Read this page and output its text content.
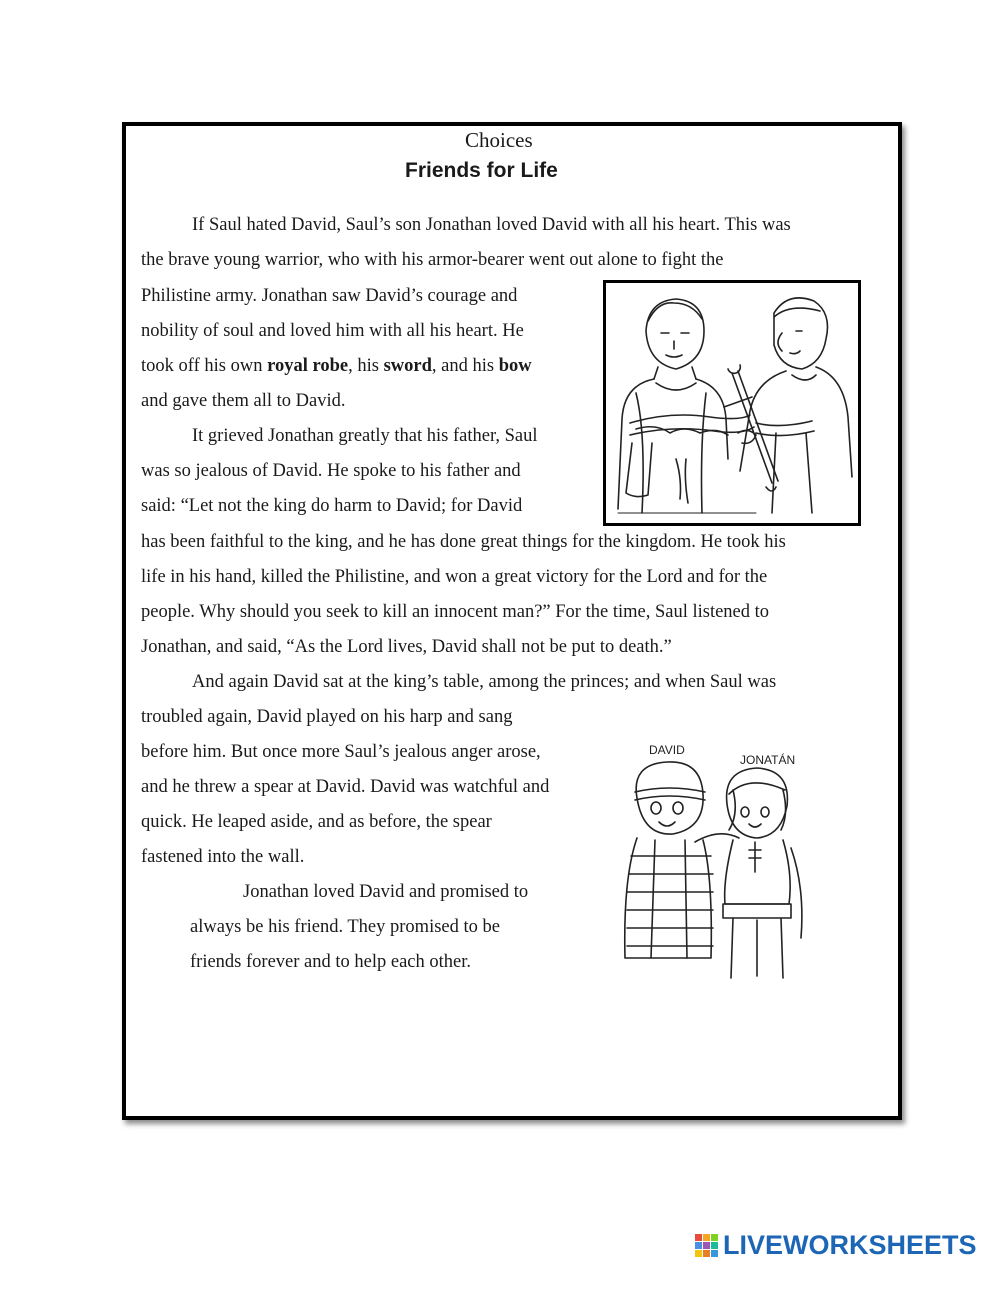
Choices
Friends for Life
If Saul hated David, Saul’s son Jonathan loved David with all his heart. This was
the brave young warrior, who with his armor-bearer went out alone to fight the
Philistine army. Jonathan saw David’s courage and
nobility of soul and loved him with all his heart. He
took off his own royal robe, his sword, and his bow
and gave them all to David.
It grieved Jonathan greatly that his father, Saul
was so jealous of David. He spoke to his father and
said: “Let not the king do harm to David; for David
has been faithful to the king, and he has done great things for the kingdom. He took his
life in his hand, killed the Philistine, and won a great victory for the Lord and for the
people. Why should you seek to kill an innocent man?” For the time, Saul listened to
Jonathan, and said, “As the Lord lives, David shall not be put to death.”
And again David sat at the king’s table, among the princes; and when Saul was
troubled again, David played on his harp and sang
before him. But once more Saul’s jealous anger arose,
and he threw a spear at David. David was watchful and
quick. He leaped aside, and as before, the spear
fastened into the wall.
Jonathan loved David and promised to
always be his friend. They promised to be
friends forever and to help each other.
DAVID
JONATÁN
LIVEWORKSHEETS
